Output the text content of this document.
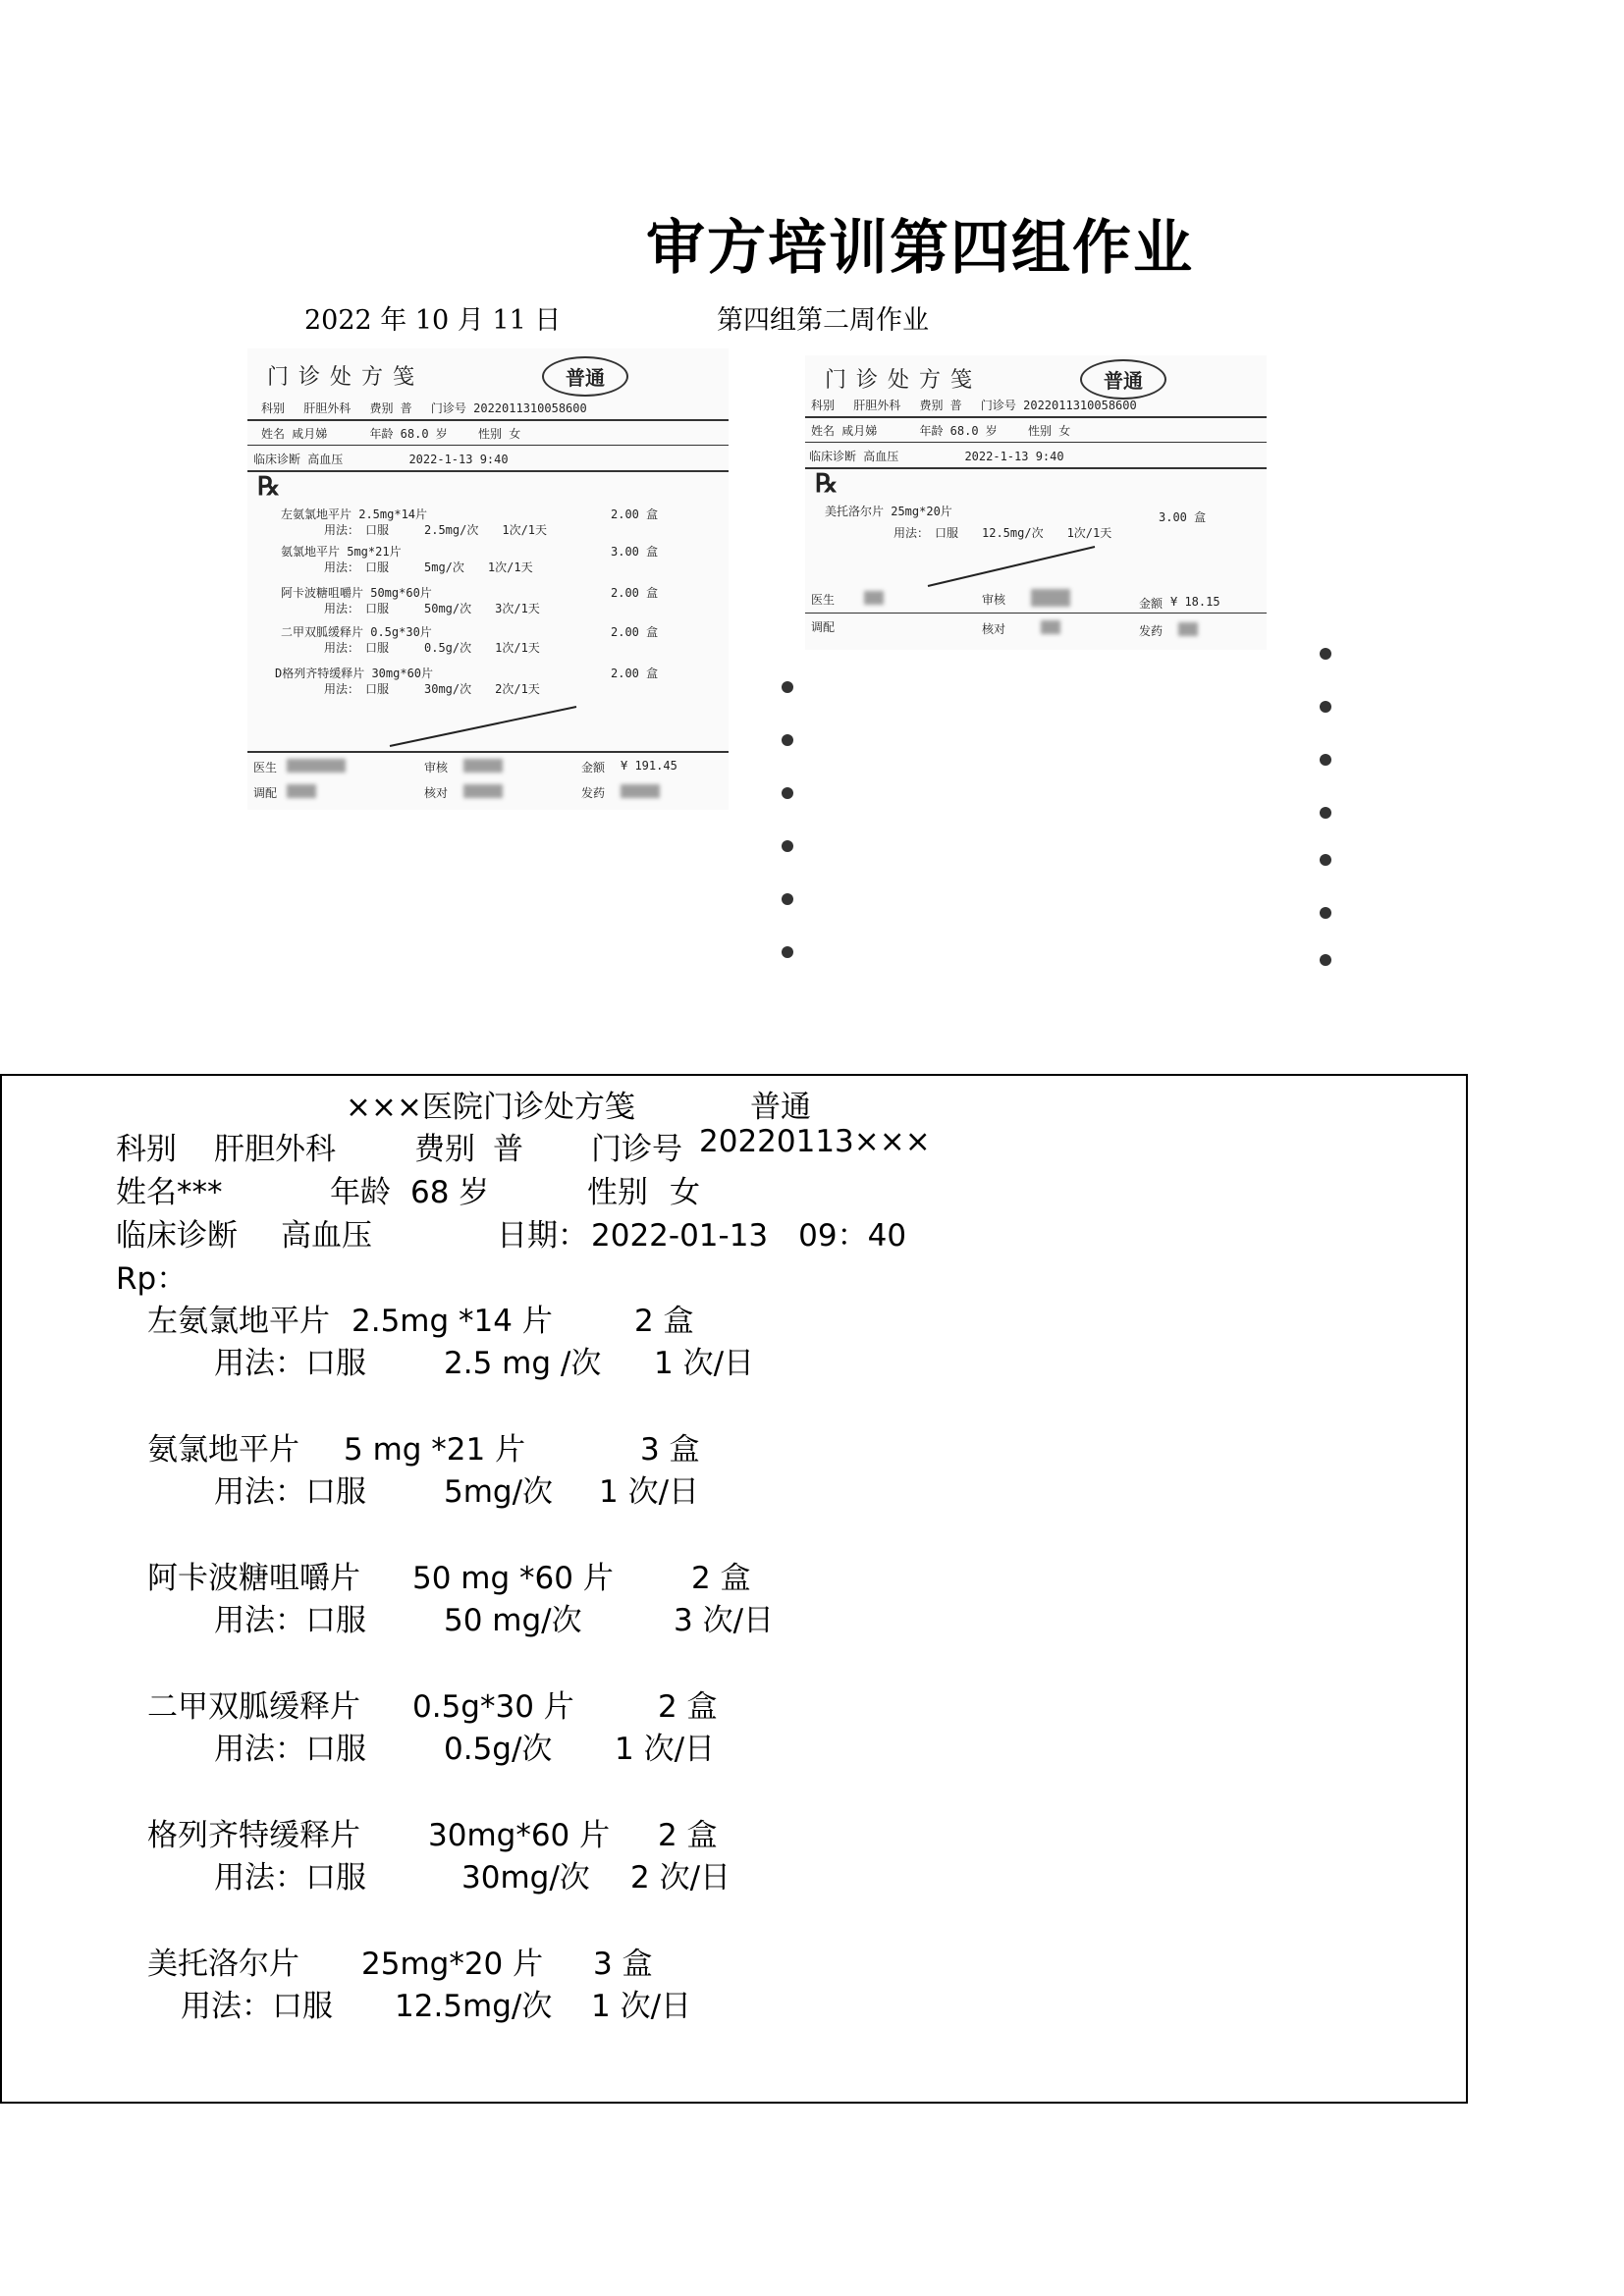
审方培训第四组作业
2022 年 10 月 11 日	第四组第二周作业
门诊处方笺	普通
科别　 肝胆外科　 费别 普　 门诊号 2022011310058600
姓名 咸月娣　　　 年龄 68.0 岁　　 性别 女
临床诊断 高血压　　　　　 2022-1-13 9:40
℞
左氨氯地平片 2.5mg*14片	2.00 盒
用法：　口服　　　2.5mg/次　　1次/1天
氨氯地平片 5mg*21片	3.00 盒
用法：　口服　　　5mg/次　　1次/1天
阿卡波糖咀嚼片 50mg*60片	2.00 盒
用法：　口服　　　50mg/次　　3次/1天
二甲双胍缓释片 0.5g*30片	2.00 盒
用法：　口服　　　0.5g/次　　1次/1天
D格列齐特缓释片 30mg*60片	2.00 盒
用法：　口服　　　30mg/次　　2次/1天
医生	审核	金额 ¥ 191.45
调配	核对	发药
门诊处方笺	普通
科别　 肝胆外科　 费别 普　 门诊号 2022011310058600
姓名 咸月娣　　　 年龄 68.0 岁　　 性别 女
临床诊断 高血压　　　　　 2022-1-13 9:40
℞
美托洛尔片 25mg*20片	3.00 盒
用法：　口服　　12.5mg/次　　1次/1天
医生	审核	金额 ¥ 18.15
调配	核对	发药
×××医院门诊处方笺	普通
科别 肝胆外科	费别 普 门诊号 20220113×××
姓名***	年龄 68 岁	性别 女
临床诊断 高血压	日期： 2022-01-13　09：40
Rp：
左氨氯地平片 2.5mg *14 片	2 盒
用法：口服	2.5 mg /次 1 次/日
氨氯地平片 5 mg *21 片	3 盒
用法：口服	5mg/次 1 次/日
阿卡波糖咀嚼片 50 mg *60 片	2 盒
用法：口服	50 mg/次	3 次/日
二甲双胍缓释片 0.5g*30 片	2 盒
用法：口服	0.5g/次 1 次/日
格列齐特缓释片 30mg*60 片 2 盒
用法：口服	30mg/次 2 次/日
美托洛尔片 25mg*20 片 3 盒
用法：口服 12.5mg/次 1 次/日
